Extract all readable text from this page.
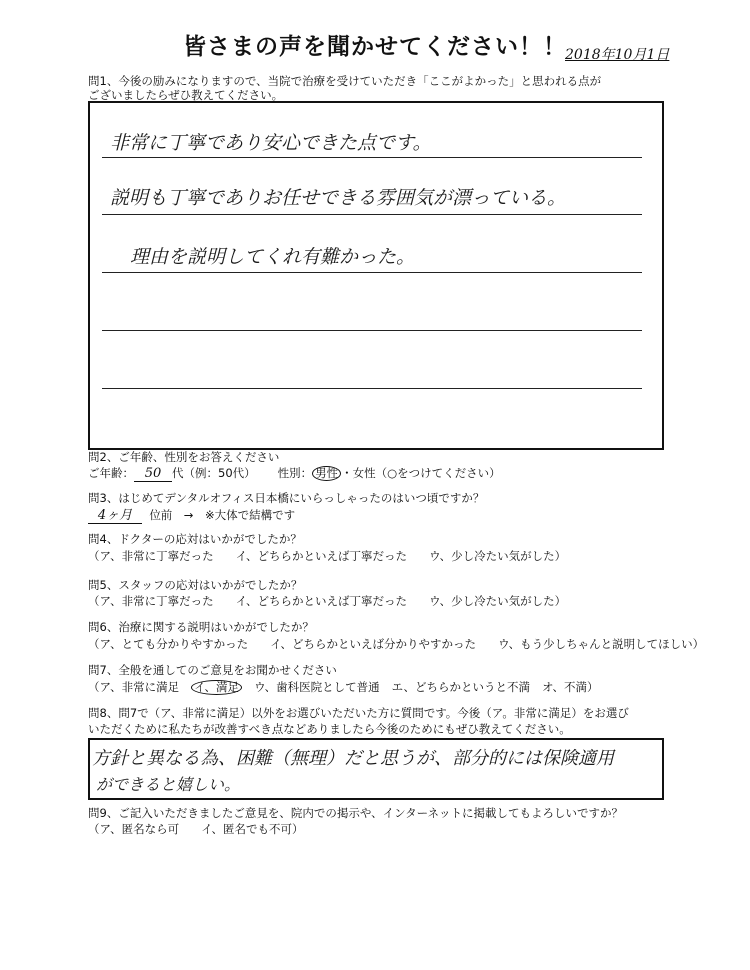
皆さまの声を聞かせてください！！
2018年10月1日
問1、今後の励みになりますので、当院で治療を受けていただき「ここがよかった」と思われる点が
ございましたらぜひ教えてください。
非常に丁寧であり安心できた点です。
説明も丁寧でありお任せできる雰囲気が漂っている。
理由を説明してくれ有難かった。
問2、ご年齢、性別をお答えください
ご年齢： 50 代（例：50代） 性別： 男性 ・女性（○をつけてください）
問3、はじめてデンタルオフィス日本橋にいらっしゃったのはいつ頃ですか？
4ヶ月 位前　→　※大体で結構です
問4、ドクターの応対はいかがでしたか？
（ア、非常に丁寧だった イ、どちらかといえば丁寧だった ウ、少し冷たい気がした）
問5、スタッフの応対はいかがでしたか？
（ア、非常に丁寧だった イ、どちらかといえば丁寧だった ウ、少し冷たい気がした）
問6、治療に関する説明はいかがでしたか？
（ア、とても分かりやすかった イ、どちらかといえば分かりやすかった ウ、もう少しちゃんと説明してほしい）
問7、全般を通してのご意見をお聞かせください
（ア、非常に満足 イ、満足 ウ、歯科医院として普通 エ、どちらかというと不満 オ、不満）
問8、問7で（ア、非常に満足）以外をお選びいただいた方に質問です。今後（ア。非常に満足）をお選び
いただくために私たちが改善すべき点などありましたら今後のためにもぜひ教えてください。
方針と異なる為、困難（無理）だと思うが、部分的には保険適用
ができると嬉しい。
問9、ご記入いただきましたご意見を、院内での掲示や、インターネットに掲載してもよろしいですか？
（ア、匿名なら可 イ、匿名でも不可）
